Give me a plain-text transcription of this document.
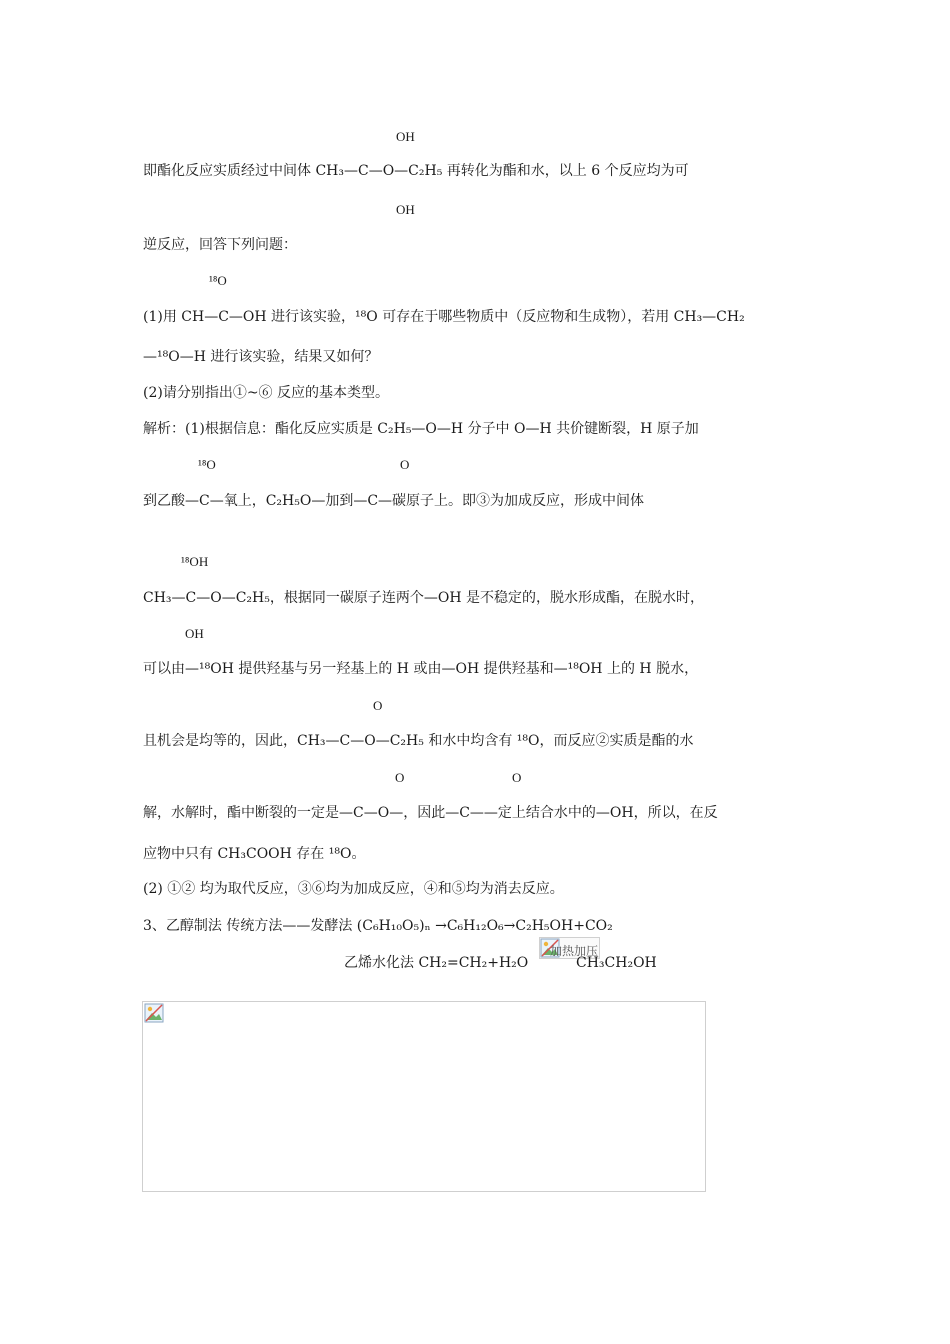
OH
即酯化反应实质经过中间体 CH₃—C—O—C₂H₅ 再转化为酯和水，以上 6 个反应均为可
OH
逆反应，回答下列问题：
¹⁸O
(1)用 CH—C—OH 进行该实验，¹⁸O 可存在于哪些物质中（反应物和生成物），若用 CH₃—CH₂
—¹⁸O—H 进行该实验，结果又如何？
(2)请分别指出①~⑥ 反应的基本类型。
解析：(1)根据信息：酯化反应实质是 C₂H₅—O—H 分子中 O—H 共价键断裂，H 原子加
¹⁸O	O
到乙酸—C—氧上，C₂H₅O—加到—C—碳原子上。即③为加成反应，形成中间体
¹⁸OH
CH₃—C—O—C₂H₅，根据同一碳原子连两个—OH 是不稳定的，脱水形成酯，在脱水时，
OH
可以由—¹⁸OH 提供羟基与另一羟基上的 H 或由—OH 提供羟基和—¹⁸OH 上的 H 脱水，
O
且机会是均等的，因此，CH₃—C—O—C₂H₅ 和水中均含有 ¹⁸O，而反应②实质是酯的水
O	O
解，水解时，酯中断裂的一定是—C—O—，因此—C——定上结合水中的—OH，所以，在反
应物中只有 CH₃COOH 存在 ¹⁸O。
(2) ①② 均为取代反应，③⑥均为加成反应，④和⑤均为消去反应。
3、乙醇制法 传统方法——发酵法 (C₆H₁₀O₅)ₙ →C₆H₁₂O₆→C₂H₅OH+CO₂
乙烯水化法 CH₂=CH₂+H₂O
加热加压
CH₃CH₂OH
